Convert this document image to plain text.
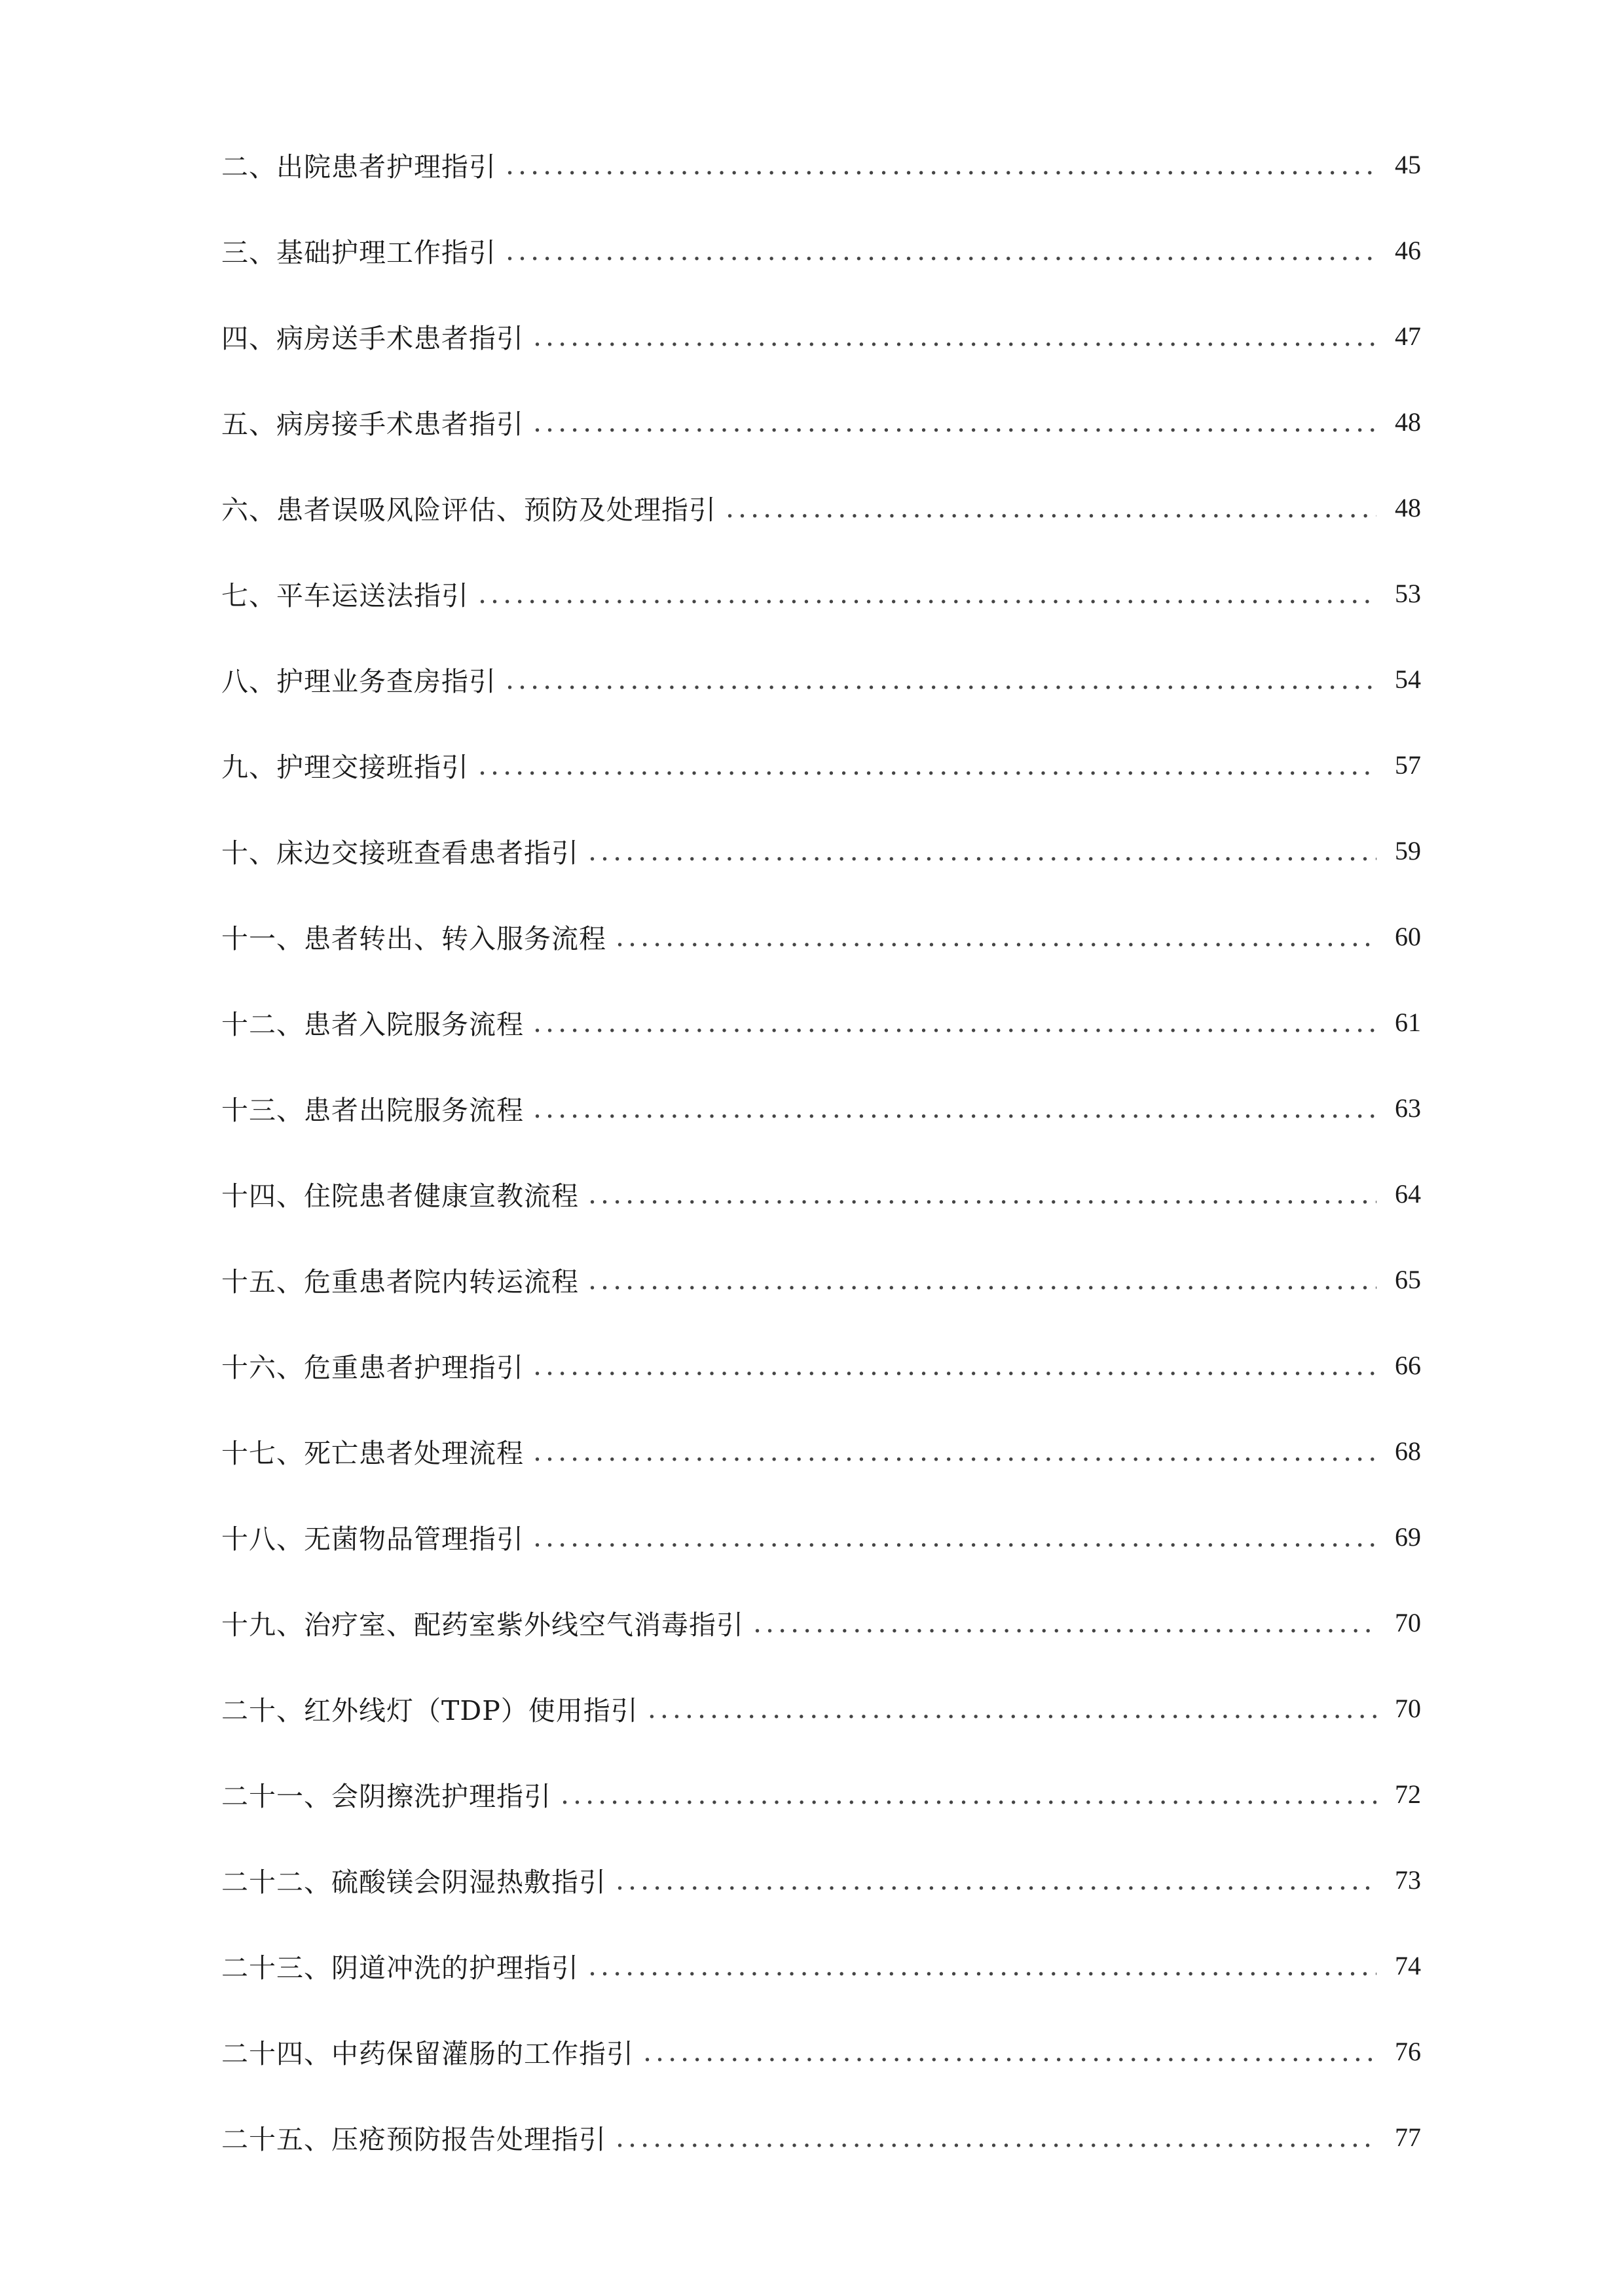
二、出院患者护理指引 .....	45
三、基础护理工作指引 .....	46
四、病房送手术患者指引 .....	47
五、病房接手术患者指引 .....	48
六、患者误吸风险评估、预防及处理指引 .....	48
七、平车运送法指引 .....	53
八、护理业务查房指引 .....	54
九、护理交接班指引 .....	57
十、床边交接班查看患者指引 .....	59
十一、患者转出、转入服务流程 .....	60
十二、患者入院服务流程 .....	61
十三、患者出院服务流程 .....	63
十四、住院患者健康宣教流程 .....	64
十五、危重患者院内转运流程 .....	65
十六、危重患者护理指引 .....	66
十七、死亡患者处理流程 .....	68
十八、无菌物品管理指引 .....	69
十九、治疗室、配药室紫外线空气消毒指引 .....	70
二十、红外线灯（TDP）使用指引 .....	70
二十一、会阴擦洗护理指引 .....	72
二十二、硫酸镁会阴湿热敷指引 .....	73
二十三、阴道冲洗的护理指引 .....	74
二十四、中药保留灌肠的工作指引 .....	76
二十五、压疮预防报告处理指引 .....	77
